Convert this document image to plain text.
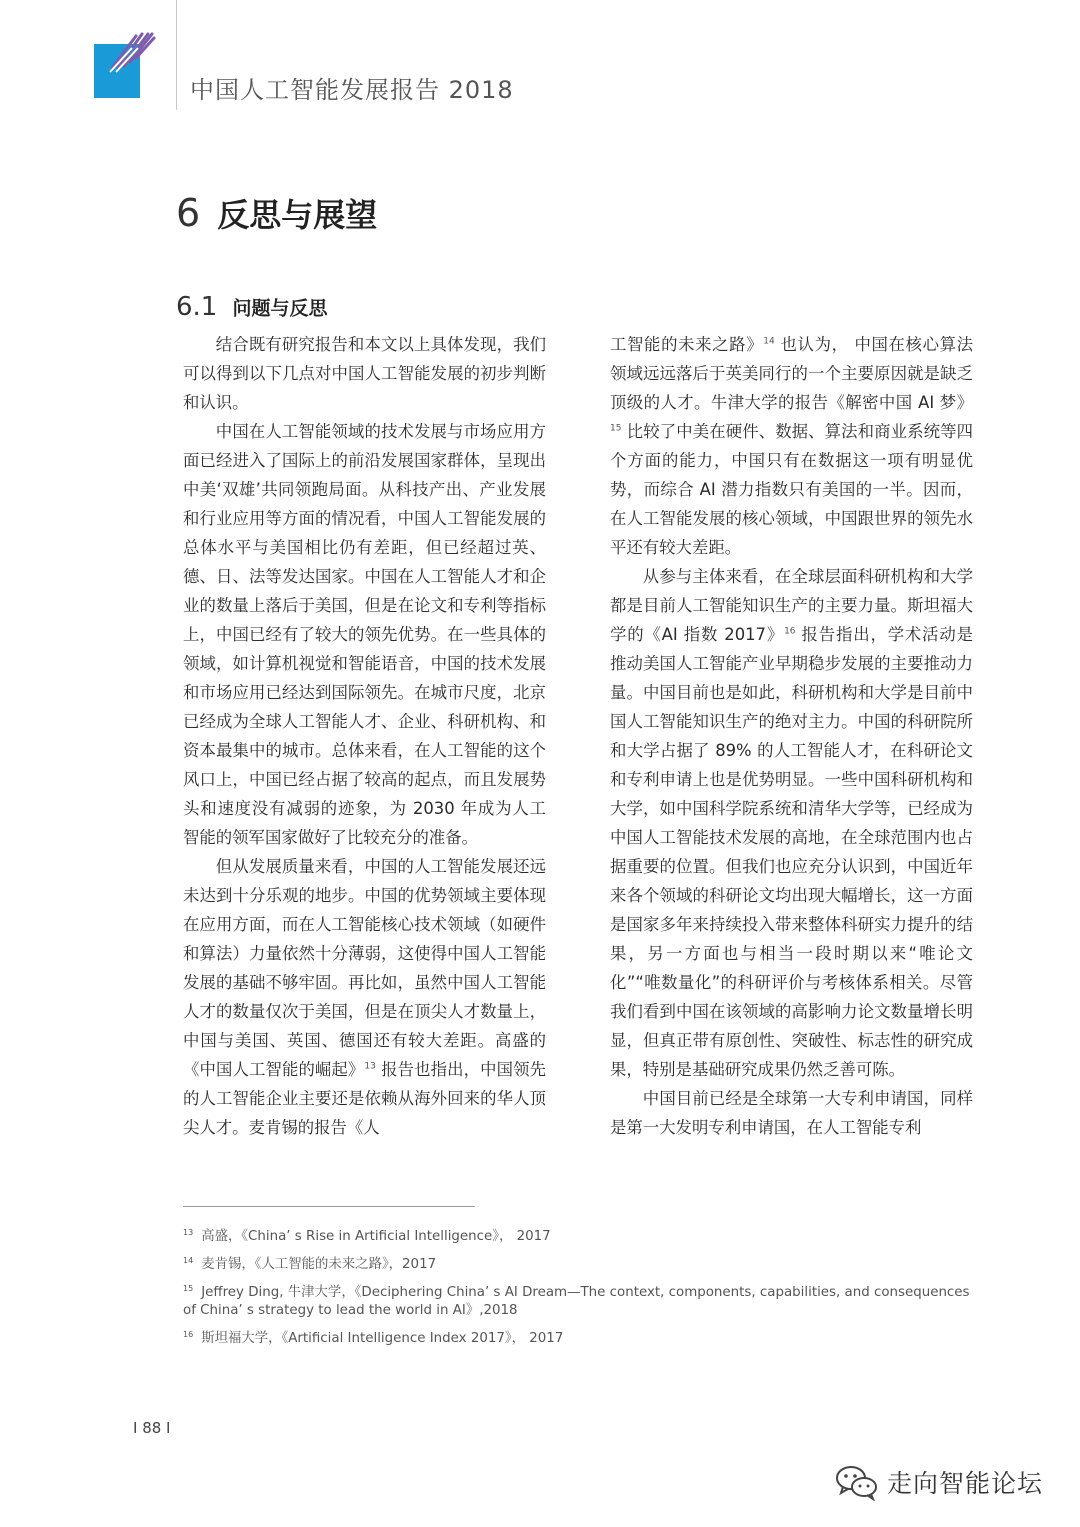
中国人工智能发展报告 2018
6 反思与展望
6.1 问题与反思

结合既有研究报告和本文以上具体发现，我们可以得到以下几点对中国人工智能发展的初步判断和认识。

中国在人工智能领域的技术发展与市场应用方面已经进入了国际上的前沿发展国家群体，呈现出中美‘双雄’共同领跑局面。从科技产出、产业发展和行业应用等方面的情况看，中国人工智能发展的总体水平与美国相比仍有差距，但已经超过英、德、日、法等发达国家。中国在人工智能人才和企业的数量上落后于美国，但是在论文和专利等指标上，中国已经有了较大的领先优势。在一些具体的领域，如计算机视觉和智能语音，中国的技术发展和市场应用已经达到国际领先。在城市尺度，北京已经成为全球人工智能人才、企业、科研机构、和资本最集中的城市。总体来看，在人工智能的这个风口上，中国已经占据了较高的起点，而且发展势头和速度没有减弱的迹象，为 2030 年成为人工智能的领军国家做好了比较充分的准备。

但从发展质量来看，中国的人工智能发展还远未达到十分乐观的地步。中国的优势领域主要体现在应用方面，而在人工智能核心技术领域（如硬件和算法）力量依然十分薄弱，这使得中国人工智能发展的基础不够牢固。再比如，虽然中国人工智能人才的数量仅次于美国，但是在顶尖人才数量上，中国与美国、英国、德国还有较大差距。高盛的《中国人工智能的崛起》$^{13}$ 报告也指出，中国领先的人工智能企业主要还是依赖从海外回来的华人顶尖人才。麦肯锡的报告《人

工智能的未来之路》$^{14}$ 也认为， 中国在核心算法领域远远落后于英美同行的一个主要原因就是缺乏顶级的人才。牛津大学的报告《解密中国 AI 梦》$^{15}$ 比较了中美在硬件、数据、算法和商业系统等四个方面的能力，中国只有在数据这一项有明显优势，而综合 AI 潜力指数只有美国的一半。因而，在人工智能发展的核心领域，中国跟世界的领先水平还有较大差距。

从参与主体来看，在全球层面科研机构和大学都是目前人工智能知识生产的主要力量。斯坦福大学的《AI 指数 2017》$^{16}$ 报告指出，学术活动是推动美国人工智能产业早期稳步发展的主要推动力量。中国目前也是如此，科研机构和大学是目前中国人工智能知识生产的绝对主力。中国的科研院所和大学占据了 89% 的人工智能人才，在科研论文和专利申请上也是优势明显。一些中国科研机构和大学，如中国科学院系统和清华大学等，已经成为中国人工智能技术发展的高地，在全球范围内也占据重要的位置。但我们也应充分认识到，中国近年来各个领域的科研论文均出现大幅增长，这一方面是国家多年来持续投入带来整体科研实力提升的结果，另一方面也与相当一段时期以来“唯论文化”“唯数量化”的科研评价与考核体系相关。尽管我们看到中国在该领域的高影响力论文数量增长明显，但真正带有原创性、突破性、标志性的研究成果，特别是基础研究成果仍然乏善可陈。

中国目前已经是全球第一大专利申请国，同样是第一大发明专利申请国，在人工智能专利

$^{13}$ 高盛，《China’ s Rise in Artificial Intelligence》， 2017
$^{14}$ 麦肯锡，《人工智能的未来之路》，2017
$^{15}$ Jeffrey Ding, 牛津大学，《Deciphering China’ s AI Dream—The context, components, capabilities, and consequences of China’ s strategy to lead the world in AI》,2018
$^{16}$ 斯坦福大学，《Artificial Intelligence Index 2017》， 2017
I 88 I
走向智能论坛
